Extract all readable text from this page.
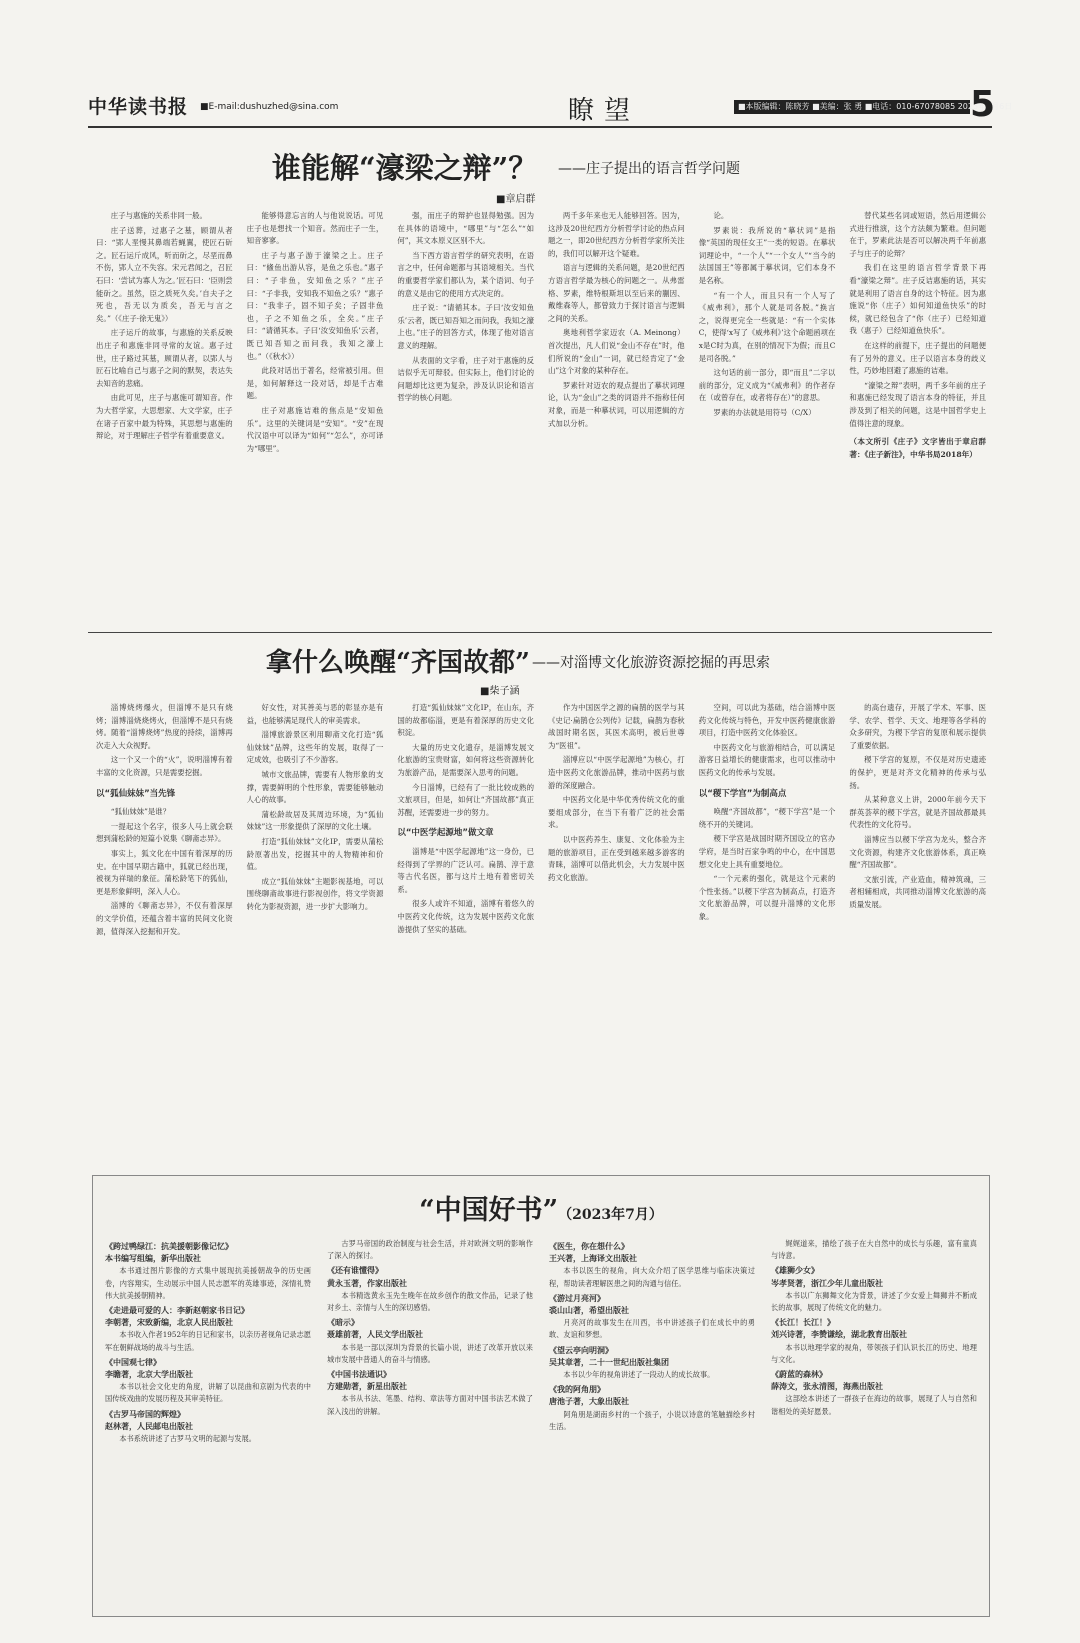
中华读书报 ■E-mail:dushuzhed@sina.com	瞭望	■本版编辑：陈晓芳 ■美编：张 勇 ■电话：010-67078085 2023年9月6日
5
谁能解“濠梁之辩”？ ——庄子提出的语言哲学问题
■章启群

庄子与惠施的关系非同一般。

庄子送葬，过惠子之墓，顾谓从者曰：“郢人垩慢其鼻端若蝇翼，使匠石斫之。匠石运斤成风，听而斫之，尽垩而鼻不伤，郢人立不失容。宋元君闻之，召匠石曰：‘尝试为寡人为之。’匠石曰：‘臣则尝能斫之。虽然，臣之质死久矣。’自夫子之死也，吾无以为质矣，吾无与言之矣。”（《庄子·徐无鬼》）

庄子运斤的故事，与惠施的关系反映出庄子和惠施非同寻常的友谊。惠子过世，庄子路过其墓，顾谓从者，以郢人与匠石比喻自己与惠子之间的默契，表达失去知音的悲痛。

由此可见，庄子与惠施可谓知音。作为大哲学家，大思想家、大文学家，庄子在诸子百家中最为特殊，其思想与惠施的辩论，对于理解庄子哲学有着重要意义。

能够得意忘言的人与他说说话。可见庄子也是想找一个知音。然而庄子一生，知音寥寥。

庄子与惠子游于濠梁之上。庄子曰：“鯈鱼出游从容，是鱼之乐也。”惠子曰：“子非鱼，安知鱼之乐？”庄子曰：“子非我，安知我不知鱼之乐？”惠子曰：“我非子，固不知子矣；子固非鱼也，子之不知鱼之乐，全矣。”庄子曰：“请循其本。子曰‘汝安知鱼乐’云者，既已知吾知之而问我，我知之濠上也。”（《秋水》）

此段对话出于著名，经常被引用。但是，如何解释这一段对话，却是千古难题。

庄子对惠施诘难的焦点是“安知鱼乐”。这里的关键词是“安知”。“安”在现代汉语中可以译为“如何”“怎么”，亦可译为“哪里”。

强，而庄子的辩护也显得勉强。因为在具体的语境中，“哪里”与“怎么”“如何”，其文本原义区别不大。

当下西方语言哲学的研究表明，在语言之中，任何命题都与其语境相关。当代的重要哲学家们都认为，某个语词、句子的意义是由它的使用方式决定的。

庄子说：“请循其本。子曰‘汝安知鱼乐’云者，既已知吾知之而问我，我知之濠上也。”庄子的回答方式，体现了他对语言意义的理解。

从表面的文字看，庄子对于惠施的反诘似乎无可辩驳。但实际上，他们讨论的问题却比这更为复杂，涉及认识论和语言哲学的核心问题。

两千多年来也无人能够回答。因为，这涉及20世纪西方分析哲学讨论的热点问题之一，即20世纪西方分析哲学家所关注的，我们可以解开这个疑难。

语言与逻辑的关系问题，是20世纪西方语言哲学最为核心的问题之一。从弗雷格、罗素，维特根斯坦以至后来的蒯因、戴维森等人，都曾致力于探讨语言与逻辑之间的关系。

奥地利哲学家迈农（A. Meinong）首次提出，凡人们说“金山不存在”时，他们所说的“金山”一词，就已经肯定了“金山”这个对象的某种存在。

罗素针对迈农的观点提出了摹状词理论，认为“金山”之类的词语并不指称任何对象，而是一种摹状词，可以用逻辑的方式加以分析。

论。

罗素说：我所说的“摹状词”是指像“英国的现任女王”一类的短语。在摹状词理论中，“一个人”“一个女人”“当今的法国国王”等都属于摹状词，它们本身不是名称。

“有一个人，而且只有一个人写了《威弗利》，那个人就是司各脱。”换言之，说得更完全一些就是：“有一个实体C，使得‘x写了《威弗利》’这个命题函项在x是C时为真，在别的情况下为假；而且C是司各脱。”

这句话的前一部分，即“而且”二字以前的部分，定义成为“《威弗利》的作者存在（或曾存在，或者将存在）”的意思。

罗素的办法就是用符号（C/X）

替代某些名词或短语，然后用逻辑公式进行推演，这个方法颇为繁难。但问题在于，罗素此法是否可以解决两千年前惠子与庄子的论辩？

我们在这里的语言哲学背景下再看“濠梁之辩”。庄子反诘惠施的话，其实就是利用了语言自身的这个特征。因为惠施说“你（庄子）如何知道鱼快乐”的时候，就已经包含了“你（庄子）已经知道我（惠子）已经知道鱼快乐”。

在这样的前提下，庄子提出的问题便有了另外的意义。庄子以语言本身的歧义性，巧妙地回避了惠施的诘难。

“濠梁之辩”表明，两千多年前的庄子和惠施已经发现了语言本身的特征，并且涉及到了相关的问题，这是中国哲学史上值得注意的现象。

（本文所引《庄子》文字皆出于章启群著：《庄子新注》，中华书局2018年）

拿什么唤醒“齐国故都” ——对淄博文化旅游资源挖掘的再思索
■柴子涵

淄博烧烤爆火，但淄博不是只有烧烤；淄博淄烧烧烤火，但淄博不是只有烧烤。随着“淄博烧烤”热度的持续，淄博再次走入大众视野。

这一个又一个的“火”，说明淄博有着丰富的文化资源，只是需要挖掘。

以“狐仙妹妹”当先锋

“狐仙妹妹”是谁？

一提起这个名字，很多人马上就会联想到蒲松龄的短篇小说集《聊斋志异》。

事实上，狐文化在中国有着深厚的历史。在中国早期古籍中，狐就已经出现，被视为祥瑞的象征。蒲松龄笔下的狐仙，更是形象鲜明，深入人心。

淄博的《聊斋志异》，不仅有着深厚的文学价值，还蕴含着丰富的民间文化资源，值得深入挖掘和开发。

好女性，对其善美与恶的彰显亦是有益，也能够满足现代人的审美需求。

淄博旅游景区利用聊斋文化打造“狐仙妹妹”品牌，这些年的发展，取得了一定成效，也吸引了不少游客。

城市文旅品牌，需要有人物形象的支撑，需要鲜明的个性形象，需要能够触动人心的故事。

蒲松龄故居及其周边环境，为“狐仙妹妹”这一形象提供了深厚的文化土壤。

打造“狐仙妹妹”文化IP，需要从蒲松龄原著出发，挖掘其中的人物精神和价值。

成立“狐仙妹妹”主题影视基地，可以围绕聊斋故事进行影视创作，将文学资源转化为影视资源，进一步扩大影响力。

打造“狐仙妹妹”文化IP，在山东，齐国的故都临淄，更是有着深厚的历史文化积淀。

大量的历史文化遗存，是淄博发展文化旅游的宝贵财富，如何将这些资源转化为旅游产品，是需要深入思考的问题。

今日淄博，已经有了一批比较成熟的文旅项目，但是，如何让“齐国故都”真正苏醒，还需要进一步的努力。

以“中医学起源地”做文章

淄博是“中医学起源地”这一身份，已经得到了学界的广泛认可。扁鹊、淳于意等古代名医，都与这片土地有着密切关系。

很多人或许不知道，淄博有着悠久的中医药文化传统，这为发展中医药文化旅游提供了坚实的基础。

作为中国医学之源的扁鹊的医学与其《史记·扁鹊仓公列传》记载，扁鹊为春秋战国时期名医，其医术高明，被后世尊为“医祖”。

淄博应以“中医学起源地”为核心，打造中医药文化旅游品牌，推动中医药与旅游的深度融合。

中医药文化是中华优秀传统文化的重要组成部分，在当下有着广泛的社会需求。

以中医药养生、康复、文化体验为主题的旅游项目，正在受到越来越多游客的青睐，淄博可以借此机会，大力发展中医药文化旅游。

空间，可以此为基础，结合淄博中医药文化传统与特色，开发中医药健康旅游项目，打造中医药文化体验区。

中医药文化与旅游相结合，可以满足游客日益增长的健康需求，也可以推动中医药文化的传承与发展。

以“稷下学宫”为制高点

唤醒“齐国故都”，“稷下学宫”是一个绕不开的关键词。

稷下学宫是战国时期齐国设立的官办学府，是当时百家争鸣的中心，在中国思想文化史上具有重要地位。

“一个元素的强化，就是这个元素的个性张扬。”以稷下学宫为制高点，打造齐文化旅游品牌，可以提升淄博的文化形象。

的高台遗存，开展了学术、军事、医学、农学、哲学、天文、地理等各学科的众多研究，为稷下学宫的复原和展示提供了重要依据。

稷下学宫的复原，不仅是对历史遗迹的保护，更是对齐文化精神的传承与弘扬。

从某种意义上讲，2000年前今天下群英荟萃的稷下学宫，就是齐国故都最具代表性的文化符号。

淄博应当以稷下学宫为龙头，整合齐文化资源，构建齐文化旅游体系，真正唤醒“齐国故都”。

文旅引流，产业造血，精神筑魂，三者相辅相成，共同推动淄博文化旅游的高质量发展。

“中国好书”（2023年7月）
《跨过鸭绿江：抗美援朝影像记忆》
本书编写组编，新华出版社
本书通过图片影像的方式集中展现抗美援朝战争的历史画卷，内容翔实，生动展示中国人民志愿军的英雄事迹，深情礼赞伟大抗美援朝精神。
《走进最可爱的人：李新赵朝家书日记》
李朝著，宋致新编，北京人民出版社
本书收入作者1952年的日记和家书，以亲历者视角记录志愿军在朝鲜战场的战斗与生活。
《中国观七律》
李瞻著，北京大学出版社
本书以社会文化史的角度，讲解了以昆曲和京剧为代表的中国传统戏曲的发展历程及其审美特征。
《古罗马帝国的辉煌》
赵林著，人民邮电出版社
本书系统讲述了古罗马文明的起源与发展。
古罗马帝国的政治制度与社会生活，并对欧洲文明的影响作了深入的探讨。
《还有谁懂得》
黄永玉著，作家出版社
本书精选黄永玉先生晚年在故乡创作的散文作品，记录了他对乡土、亲情与人生的深切感悟。
《暗示》
聂雄前著，人民文学出版社
本书是一部以深圳为背景的长篇小说，讲述了改革开放以来城市发展中普通人的奋斗与情感。
《中国书法通识》
方建勋著，新星出版社
本书从书法、笔墨、结构、章法等方面对中国书法艺术做了深入浅出的讲解。
《医生，你在想什么》
王兴著，上海译文出版社
本书以医生的视角，向大众介绍了医学思维与临床决策过程，帮助读者理解医患之间的沟通与信任。
《游过月亮河》
裘山山著，希望出版社
月亮河的故事发生在川西，书中讲述孩子们在成长中的勇敢、友谊和梦想。
《望云亭向明洞》
吴其章著，二十一世纪出版社集团
本书以少年的视角讲述了一段动人的成长故事。
《我的阿角朋》
唐池子著，大象出版社
阿角朋是湖南乡村的一个孩子，小说以诗意的笔触描绘乡村生活。
娓娓道来，描绘了孩子在大自然中的成长与乐趣，富有童真与诗意。
《雄狮少女》
岑孝贤著，浙江少年儿童出版社
本书以广东狮舞文化为背景，讲述了少女爱上舞狮并不断成长的故事，展现了传统文化的魅力。
《长江！长江！》
刘兴诗著，李赞谦绘，湖北教育出版社
本书以地理学家的视角，带领孩子们认识长江的历史、地理与文化。
《蔚蓝的森林》
薛涛文，张永清图，海燕出版社
这部绘本讲述了一群孩子在海边的故事，展现了人与自然和谐相处的美好愿景。
